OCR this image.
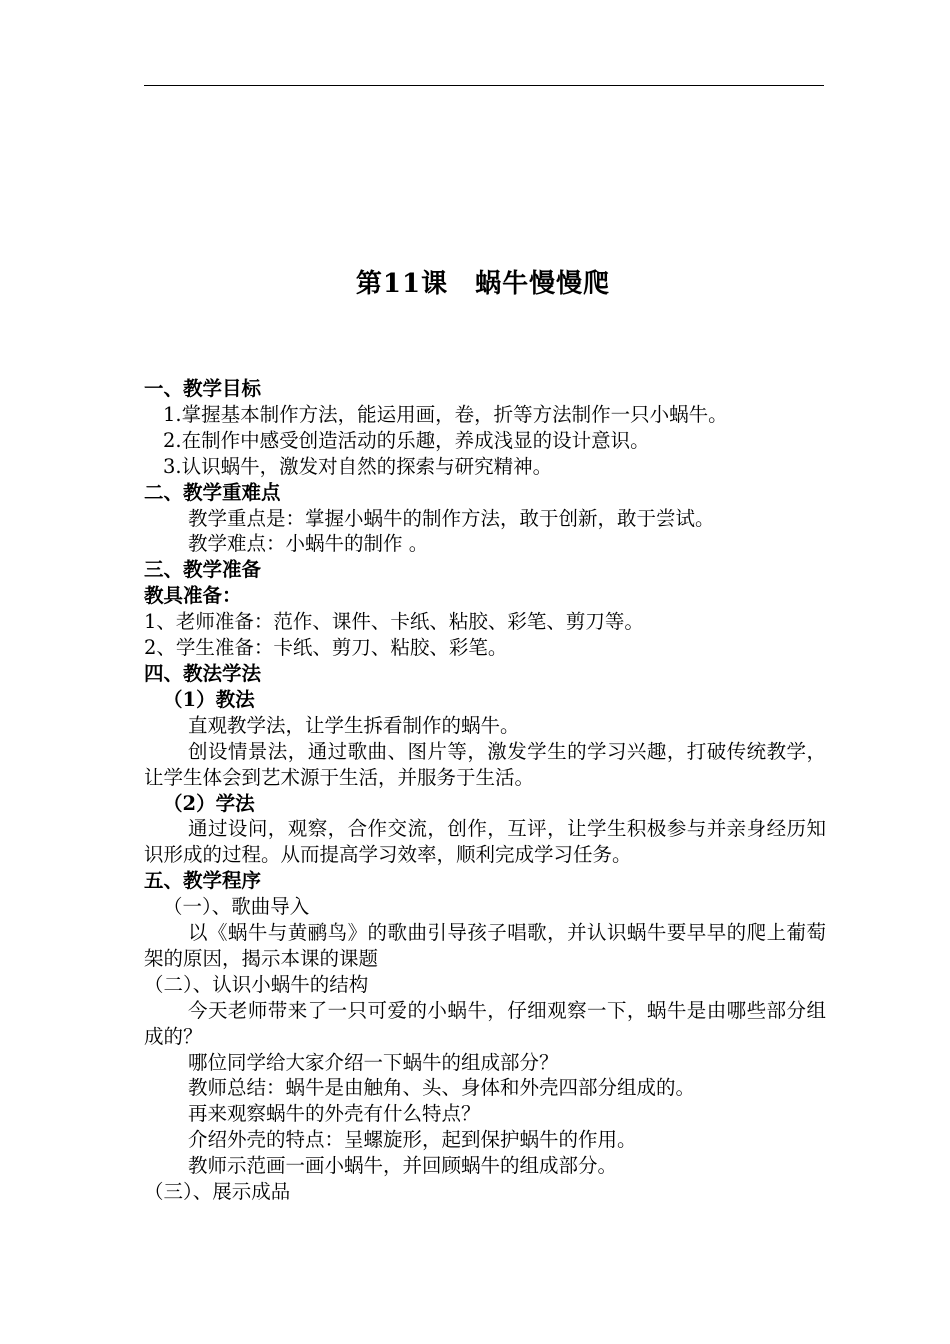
第11课　蜗牛慢慢爬

一、教学目标

1.掌握基本制作方法，能运用画，卷，折等方法制作一只小蜗牛。

2.在制作中感受创造活动的乐趣，养成浅显的设计意识。

3.认识蜗牛，激发对自然的探索与研究精神。

二、教学重难点

教学重点是：掌握小蜗牛的制作方法，敢于创新，敢于尝试。

教学难点：小蜗牛的制作 。

三、教学准备

教具准备：

1、老师准备：范作、课件、卡纸、粘胶、彩笔、剪刀等。

2、学生准备：卡纸、剪刀、粘胶、彩笔。

四、教法学法

（1）教法

直观教学法，让学生拆看制作的蜗牛。

创设情景法，通过歌曲、图片等，激发学生的学习兴趣，打破传统教学，让学生体会到艺术源于生活，并服务于生活。

（2）学法

通过设问，观察，合作交流，创作，互评，让学生积极参与并亲身经历知识形成的过程。从而提高学习效率，顺利完成学习任务。

五、教学程序

（一）、歌曲导入

以《蜗牛与黄鹂鸟》的歌曲引导孩子唱歌，并认识蜗牛要早早的爬上葡萄架的原因，揭示本课的课题

（二）、认识小蜗牛的结构

今天老师带来了一只可爱的小蜗牛，仔细观察一下，蜗牛是由哪些部分组成的？

哪位同学给大家介绍一下蜗牛的组成部分？

教师总结：蜗牛是由触角、头、身体和外壳四部分组成的。

再来观察蜗牛的外壳有什么特点？

介绍外壳的特点：呈螺旋形，起到保护蜗牛的作用。

教师示范画一画小蜗牛，并回顾蜗牛的组成部分。

（三）、展示成品
